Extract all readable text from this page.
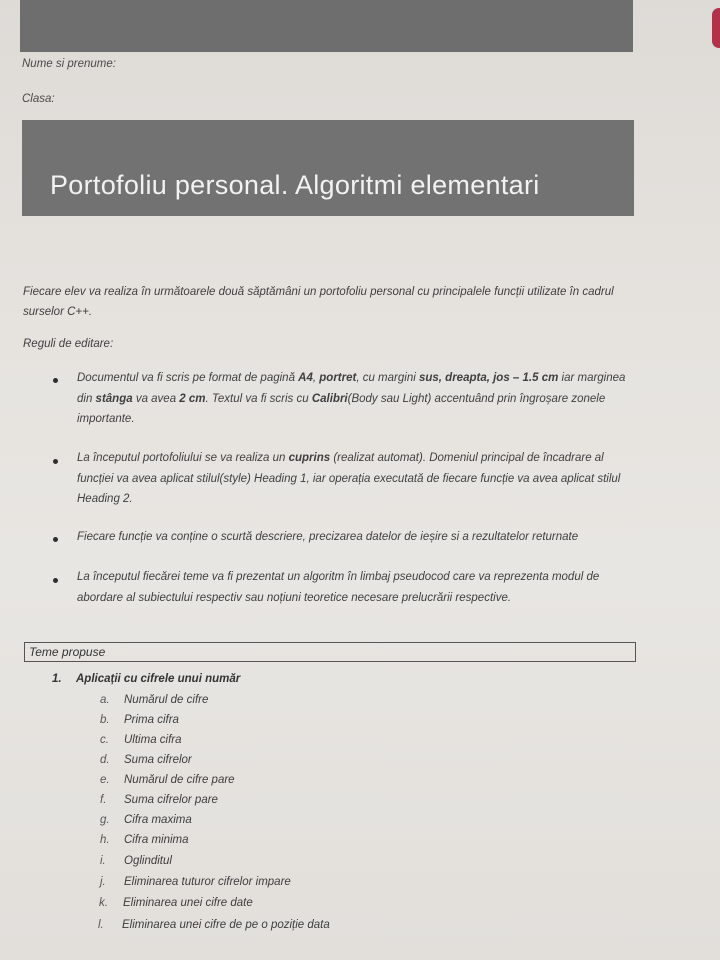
Nume si prenume:
Clasa:
Portofoliu personal. Algoritmi elementari
Fiecare elev va realiza în următoarele două săptămâni un portofoliu personal cu principalele funcții utilizate în cadrul surselor C++.
Reguli de editare:
Documentul va fi scris pe format de pagină A4, portret, cu margini sus, dreapta, jos – 1.5 cm iar marginea din stânga va avea 2 cm. Textul va fi scris cu Calibri(Body sau Light) accentuând prin îngroșare zonele importante.
La începutul portofoliului se va realiza un cuprins (realizat automat). Domeniul principal de încadrare al funcției va avea aplicat stilul(style) Heading 1, iar operația executată de fiecare funcție va avea aplicat stilul Heading 2.
Fiecare funcție va conține o scurtă descriere, precizarea datelor de ieșire si a rezultatelor returnate
La începutul fiecărei teme va fi prezentat un algoritm în limbaj pseudocod care va reprezenta modul de abordare al subiectului respectiv sau noțiuni teoretice necesare prelucrării respective.
Teme propuse
1. Aplicații cu cifrele unui număr
a.	Numărul de cifre
b.	Prima cifra
c.	Ultima cifra
d.	Suma cifrelor
e.	Numărul de cifre pare
f.	Suma cifrelor pare
g.	Cifra maxima
h.	Cifra minima
i.	Oglinditul
j.	Eliminarea tuturor cifrelor impare
k.	Eliminarea unei cifre date
l.	Eliminarea unei cifre de pe o poziție data
